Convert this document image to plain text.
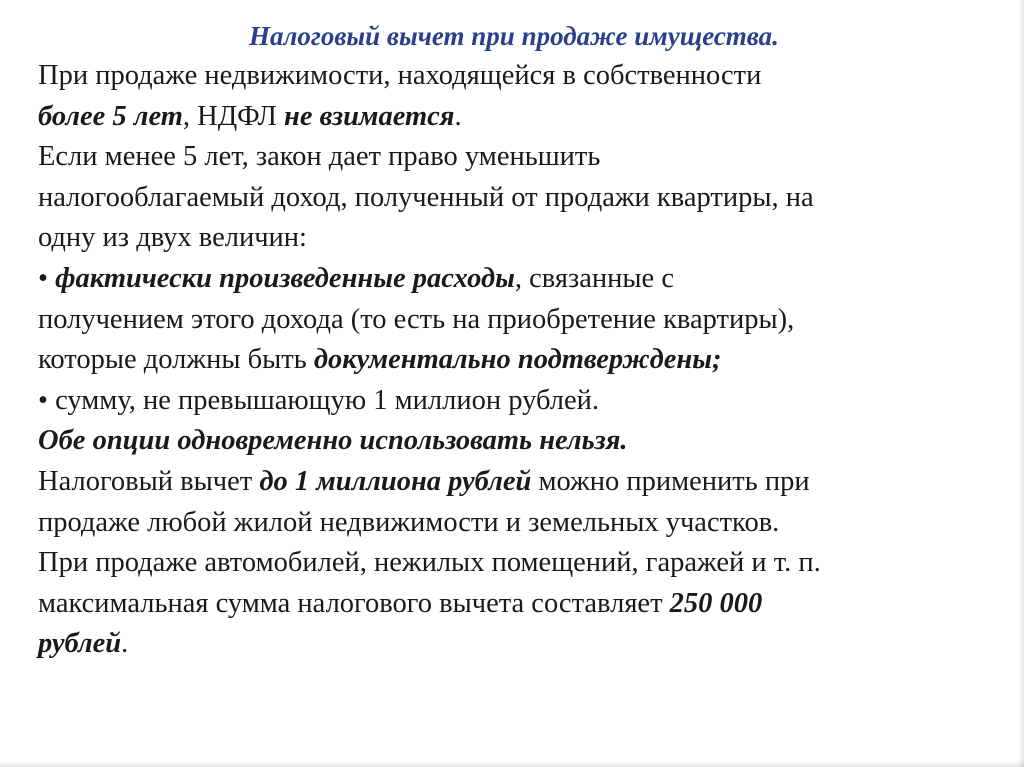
Налоговый вычет при продаже имущества.
При продаже недвижимости, находящейся в собственности
более 5 лет, НДФЛ не взимается.
Если менее 5 лет, закон дает право уменьшить
налогооблагаемый доход, полученный от продажи квартиры, на
одну из двух величин:
• фактически произведенные расходы, связанные с
получением этого дохода (то есть на приобретение квартиры),
которые должны быть документально подтверждены;
• сумму, не превышающую 1 миллион рублей.
Обе опции одновременно использовать нельзя.
Налоговый вычет до 1 миллиона рублей можно применить при
продаже любой жилой недвижимости и земельных участков.
При продаже автомобилей, нежилых помещений, гаражей и т. п.
максимальная сумма налогового вычета составляет 250 000
рублей.
